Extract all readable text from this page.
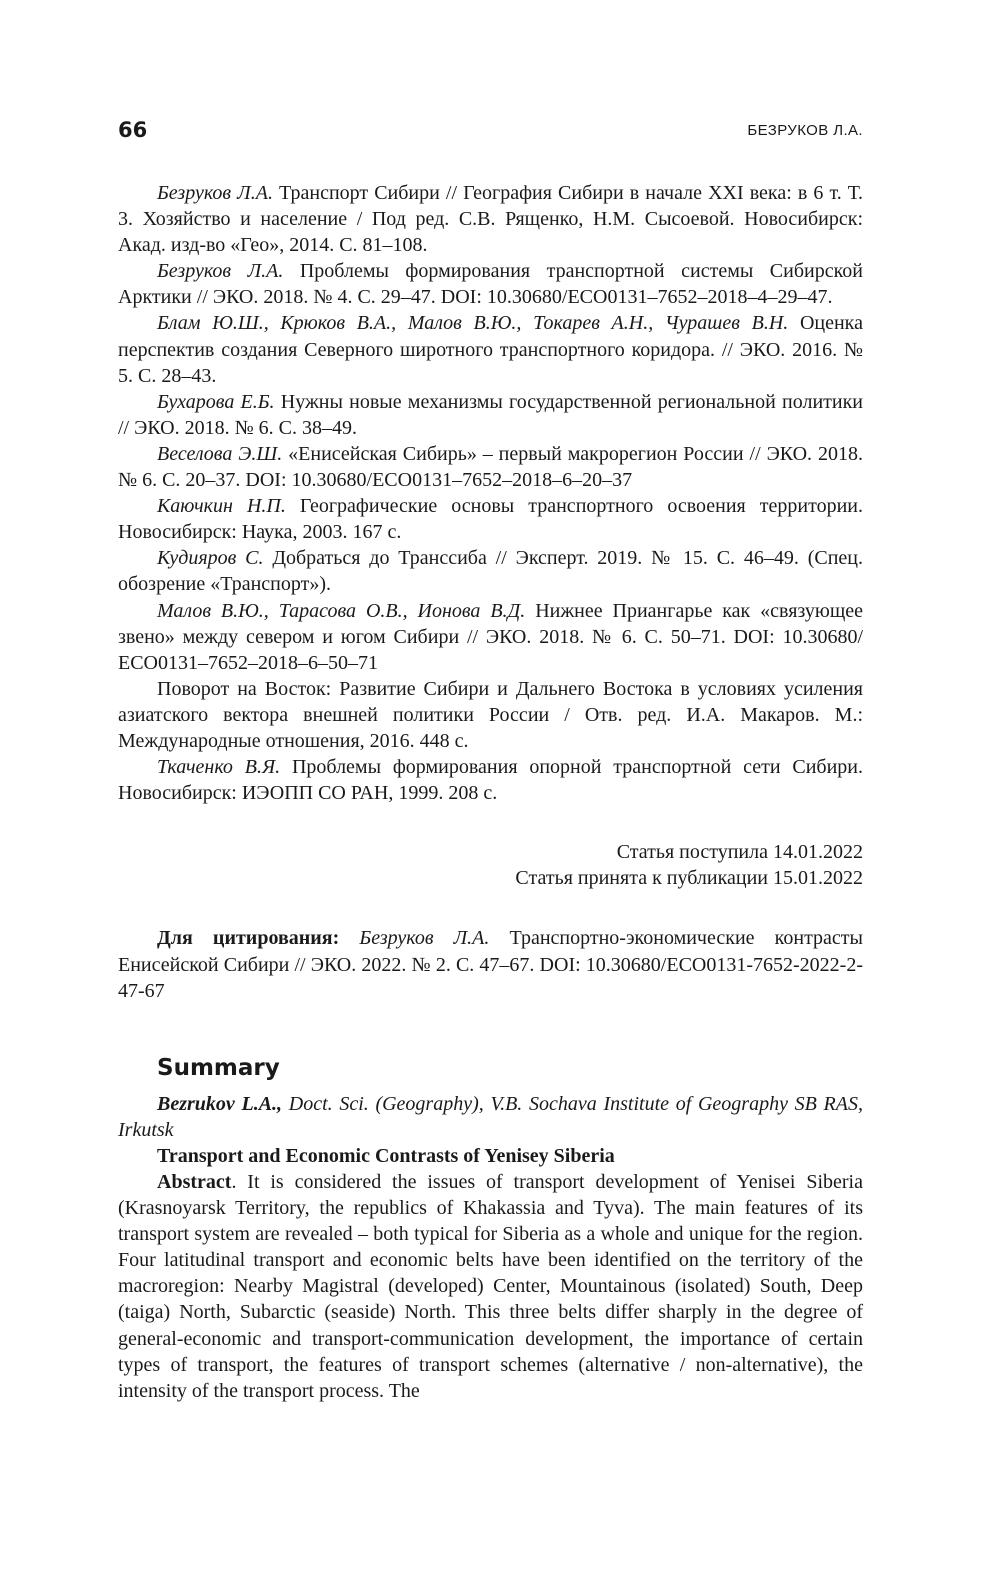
66	БЕЗРУКОВ Л.А.

Безруков Л.А. Транспорт Сибири // География Сибири в начале XXI века: в 6 т. Т. 3. Хозяйство и население / Под ред. С.В. Рященко, Н.М. Сысоевой. Новосибирск: Акад. изд-во «Гео», 2014. С. 81–108.

Безруков Л.А. Проблемы формирования транспортной системы Сибирской Арктики // ЭКО. 2018. № 4. С. 29–47. DOI: 10.30680/ЕСО0131–7652–2018–4–29–47.

Блам Ю.Ш., Крюков В.А., Малов В.Ю., Токарев А.Н., Чурашев В.Н. Оценка перспектив создания Северного широтного транспортного коридора. // ЭКО. 2016. № 5. С. 28–43.

Бухарова Е.Б. Нужны новые механизмы государственной региональной политики // ЭКО. 2018. № 6. С. 38–49.

Веселова Э.Ш. «Енисейская Сибирь» – первый макрорегион России // ЭКО. 2018. № 6. С. 20–37. DOI: 10.30680/ЕСО0131–7652–2018–6–20–37

Каючкин Н.П. Географические основы транспортного освоения территории. Новосибирск: Наука, 2003. 167 с.

Кудияров С. Добраться до Транссиба // Эксперт. 2019. № 15. С. 46–49. (Спец. обозрение «Транспорт»).

Малов В.Ю., Тарасова О.В., Ионова В.Д. Нижнее Приангарье как «связующее звено» между севером и югом Сибири // ЭКО. 2018. № 6. С. 50–71. DOI: 10.30680/ЕСО0131–7652–2018–6–50–71

Поворот на Восток: Развитие Сибири и Дальнего Востока в условиях усиления азиатского вектора внешней политики России / Отв. ред. И.А. Макаров. М.: Международные отношения, 2016. 448 с.

Ткаченко В.Я. Проблемы формирования опорной транспортной сети Сибири. Новосибирск: ИЭОПП СО РАН, 1999. 208 с.

Статья поступила 14.01.2022
Статья принята к публикации 15.01.2022

Для цитирования: Безруков Л.А. Транспортно-экономические контрасты Енисейской Сибири // ЭКО. 2022. № 2. С. 47–67. DOI: 10.30680/ЕСО0131-7652-2022-2-47-67

Summary

Bezrukov L.A., Doct. Sci. (Geography), V.B. Sochava Institute of Geography SB RAS, Irkutsk

Transport and Economic Contrasts of Yenisey Siberia

Abstract. It is considered the issues of transport development of Yenisei Siberia (Krasnoyarsk Territory, the republics of Khakassia and Tyva). The main features of its transport system are revealed – both typical for Siberia as a whole and unique for the region. Four latitudinal transport and economic belts have been identified on the territory of the macroregion: Nearby Magistral (developed) Center, Mountainous (isolated) South, Deep (taiga) North, Subarctic (seaside) North. This three belts differ sharply in the degree of general-economic and transport-communication development, the importance of certain types of transport, the features of transport schemes (alternative / non-alternative), the intensity of the transport process. The
